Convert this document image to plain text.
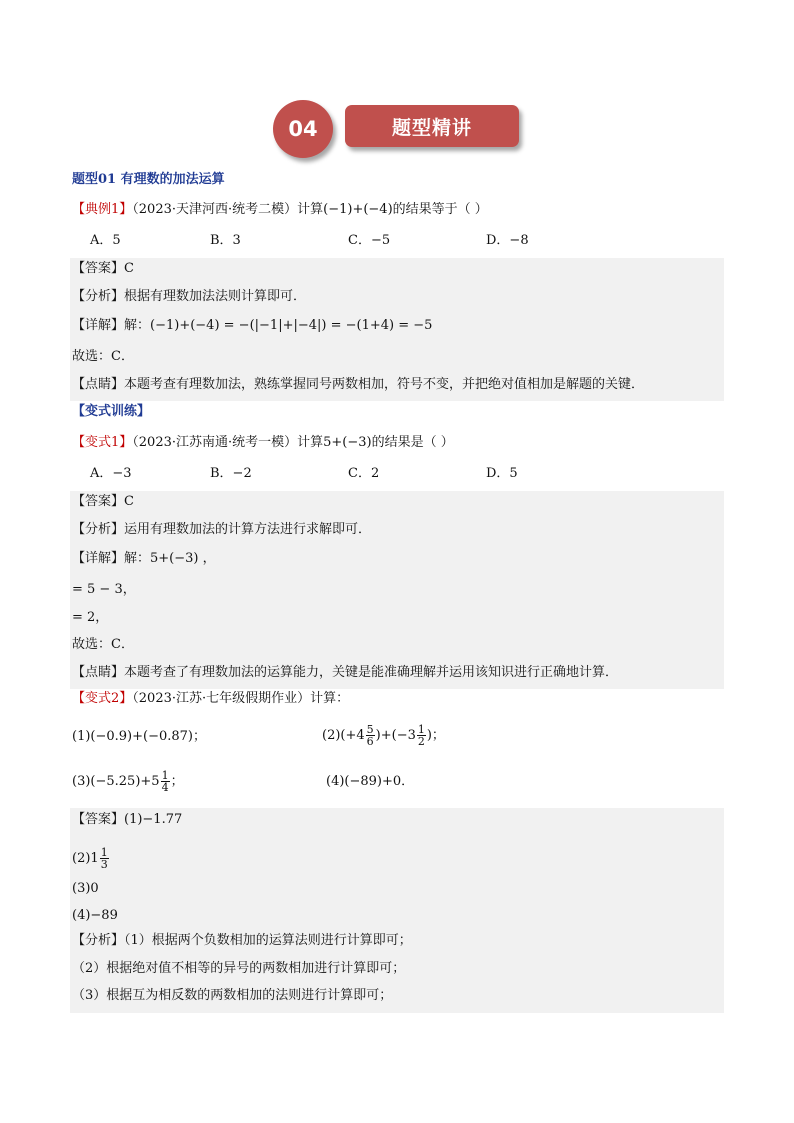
04	题型精讲
题型01 有理数的加法运算
【典例1】（2023·天津河西·统考二模）计算(−1)+(−4)的结果等于（ ）
A．5	B．3	C．−5	D．−8
【答案】C
【分析】根据有理数加法法则计算即可．
【详解】解：(−1)+(−4) = −(|−1|+|−4|) = −(1+4) = −5
故选：C．
【点睛】本题考查有理数加法，熟练掌握同号两数相加，符号不变，并把绝对值相加是解题的关键．
【变式训练】
【变式1】（2023·江苏南通·统考一模）计算5+(−3)的结果是（ ）
A．−3	B．−2	C．2	D．5
【答案】C
【分析】运用有理数加法的计算方法进行求解即可．
【详解】解：5+(−3) ，
= 5 − 3，
= 2，
故选：C．
【点睛】本题考查了有理数加法的运算能力，关键是能准确理解并运用该知识进行正确地计算．
【变式2】（2023·江苏·七年级假期作业）计算：
(1)(−0.9)+(−0.87)；	$(2)(+4 \frac{5}{6} )+(-3 \frac{1}{2}$ )；
$(3)(-5.25)+5 \frac{1}{4}$ ；	(4)(−89)+0．
【答案】(1)−1.77
$(2)1 \frac{1}{3}$
(3)0
(4)−89
【分析】（1）根据两个负数相加的运算法则进行计算即可；
（2）根据绝对值不相等的异号的两数相加进行计算即可；
（3）根据互为相反数的两数相加的法则进行计算即可；
